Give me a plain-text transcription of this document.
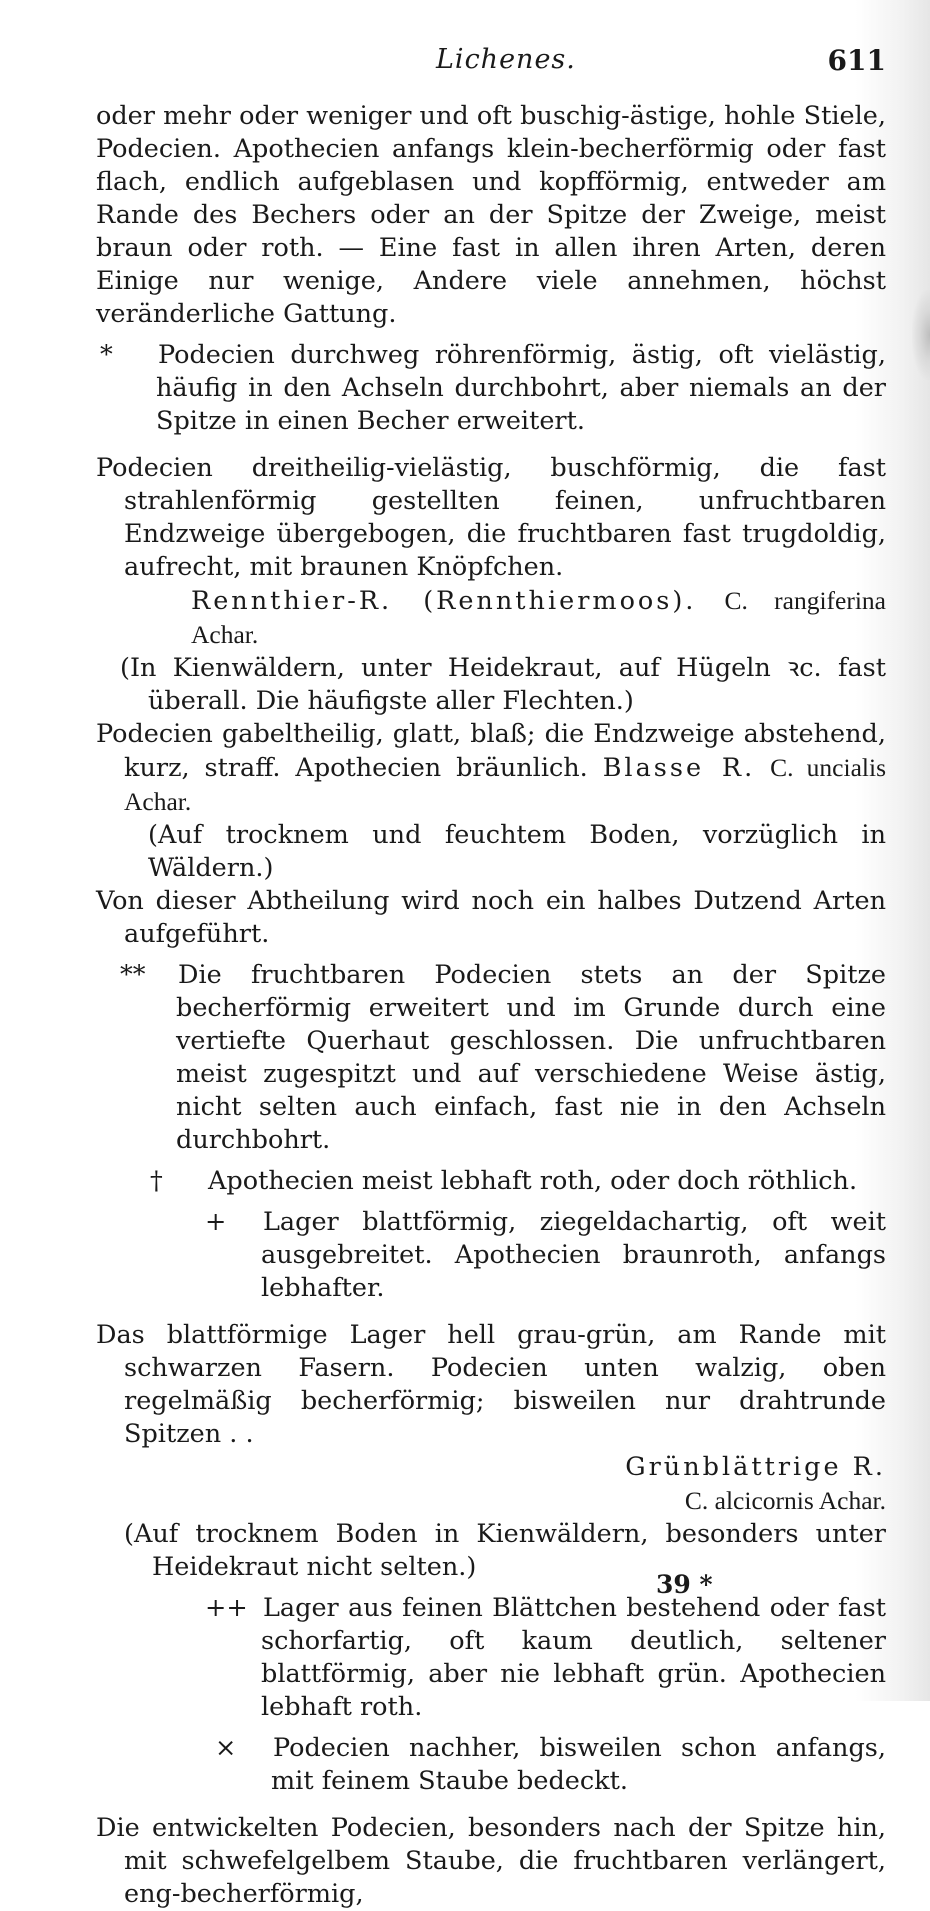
Lichenes.	611

oder mehr oder weniger und oft buschig-ästige, hohle Stiele, Podecien. Apothecien anfangs klein-becherförmig oder fast flach, endlich aufgeblasen und kopfförmig, entweder am Rande des Bechers oder an der Spitze der Zweige, meist braun oder roth. — Eine fast in allen ihren Arten, deren Einige nur wenige, Andere viele annehmen, höchst veränderliche Gattung.

* Podecien durchweg röhrenförmig, ästig, oft vielästig, häufig in den Achseln durchbohrt, aber niemals an der Spitze in einen Becher erweitert.

Podecien dreitheilig-vielästig, buschförmig, die fast strahlenförmig gestellten feinen, unfruchtbaren Endzweige übergebogen, die fruchtbaren fast trugdoldig, aufrecht, mit braunen Knöpfchen.

Rennthier-R. (Rennthiermoos). C. rangiferina Achar.

(In Kienwäldern, unter Heidekraut, auf Hügeln ꝛc. fast überall. Die häufigste aller Flechten.)

Podecien gabeltheilig, glatt, blaß; die Endzweige abstehend, kurz, straff. Apothecien bräunlich. Blasse R. C. uncialis Achar.

(Auf trocknem und feuchtem Boden, vorzüglich in Wäldern.)

Von dieser Abtheilung wird noch ein halbes Dutzend Arten aufgeführt.

** Die fruchtbaren Podecien stets an der Spitze becherförmig erweitert und im Grunde durch eine vertiefte Querhaut geschlossen. Die unfruchtbaren meist zugespitzt und auf verschiedene Weise ästig, nicht selten auch einfach, fast nie in den Achseln durchbohrt.

† Apothecien meist lebhaft roth, oder doch röthlich.

+ Lager blattförmig, ziegeldachartig, oft weit ausgebreitet. Apothecien braunroth, anfangs lebhafter.

Das blattförmige Lager hell grau-grün, am Rande mit schwarzen Fasern. Podecien unten walzig, oben regelmäßig becherförmig; bisweilen nur drahtrunde Spitzen . .

Grünblättrige R.

C. alcicornis Achar.

(Auf trocknem Boden in Kienwäldern, besonders unter Heidekraut nicht selten.)

++ Lager aus feinen Blättchen bestehend oder fast schorfartig, oft kaum deutlich, seltener blattförmig, aber nie lebhaft grün. Apothecien lebhaft roth.

× Podecien nachher, bisweilen schon anfangs, mit feinem Staube bedeckt.

Die entwickelten Podecien, besonders nach der Spitze hin, mit schwefelgelbem Staube, die fruchtbaren verlängert, eng-becherförmig,

39 *
